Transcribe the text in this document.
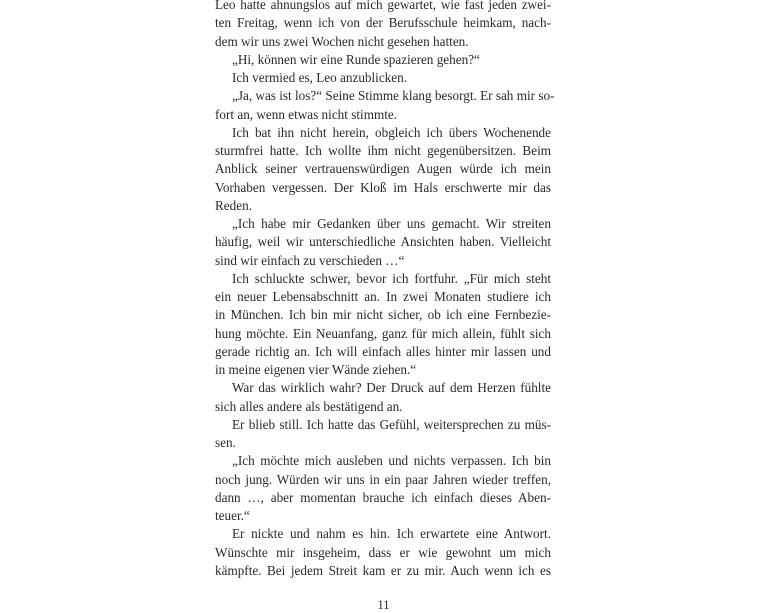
Leo hatte ahnungslos auf mich gewartet, wie fast jeden zwei-
ten Freitag, wenn ich von der Berufsschule heimkam, nach-
dem wir uns zwei Wochen nicht gesehen hatten.
„Hi, können wir eine Runde spazieren gehen?“
Ich vermied es, Leo anzublicken.
„Ja, was ist los?“ Seine Stimme klang besorgt. Er sah mir so-
fort an, wenn etwas nicht stimmte.
Ich bat ihn nicht herein, obgleich ich übers Wochenende
sturmfrei hatte. Ich wollte ihm nicht gegenübersitzen. Beim
Anblick seiner vertrauenswürdigen Augen würde ich mein
Vorhaben vergessen. Der Kloß im Hals erschwerte mir das
Reden.
„Ich habe mir Gedanken über uns gemacht. Wir streiten
häufig, weil wir unterschiedliche Ansichten haben. Vielleicht
sind wir einfach zu verschieden …“
Ich schluckte schwer, bevor ich fortfuhr. „Für mich steht
ein neuer Lebensabschnitt an. In zwei Monaten studiere ich
in München. Ich bin mir nicht sicher, ob ich eine Fernbezie-
hung möchte. Ein Neuanfang, ganz für mich allein, fühlt sich
gerade richtig an. Ich will einfach alles hinter mir lassen und
in meine eigenen vier Wände ziehen.“
War das wirklich wahr? Der Druck auf dem Herzen fühlte
sich alles andere als bestätigend an.
Er blieb still. Ich hatte das Gefühl, weitersprechen zu müs-
sen.
„Ich möchte mich ausleben und nichts verpassen. Ich bin
noch jung. Würden wir uns in ein paar Jahren wieder treffen,
dann …, aber momentan brauche ich einfach dieses Aben-
teuer.“
Er nickte und nahm es hin. Ich erwartete eine Antwort.
Wünschte mir insgeheim, dass er wie gewohnt um mich
kämpfte. Bei jedem Streit kam er zu mir. Auch wenn ich es
11
